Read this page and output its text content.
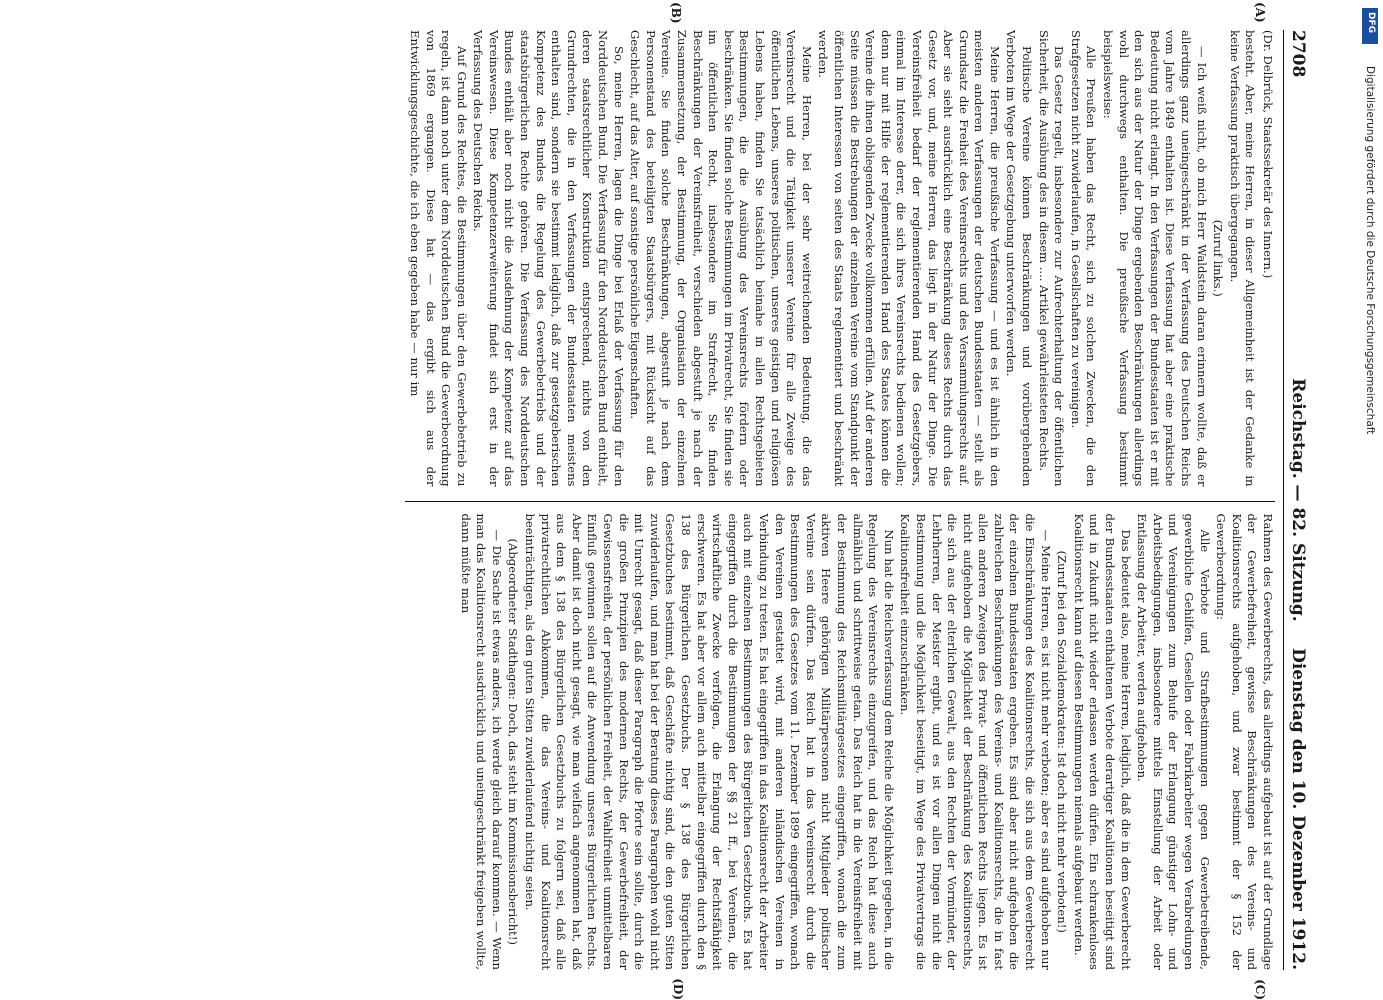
Digitalisierung gefördert durch die Deutsche Forschungsgemeinschaft
DFG
2708
Reichstag. — 82. Sitzung.
Dienstag den 10. Dezember 1912.
(A)
(B)

(Dr. Delbrück, Staatssekretär des Innern.)

besteht. Aber, meine Herren, in dieser Allgemeinheit ist der Gedanke in keine Verfassung praktisch übergegangen.

(Zuruf links.)

— Ich weiß nicht, ob mich Herr Waldstein daran erinnern wollte, daß er allerdings ganz uneingeschränkt in der Verfassung des Deutschen Reichs vom Jahre 1849 enthalten ist. Diese Verfassung hat aber eine praktische Bedeutung nicht erlangt. In den Verfassungen der Bundesstaaten ist er mit den sich aus der Natur der Dinge ergebenden Beschränkungen allerdings wohl durchwegs enthalten. Die preußische Verfassung bestimmt beispielsweise:

Alle Preußen haben das Recht, sich zu solchen Zwecken, die den Strafgesetzen nicht zuwiderlaufen, in Gesellschaften zu vereinigen.

Das Gesetz regelt, insbesondere zur Aufrechterhaltung der öffentlichen Sicherheit, die Ausübung des in diesem .... Artikel gewährleisteten Rechts.

Politische Vereine können Beschränkungen und vorübergehenden Verboten im Wege der Gesetzgebung unterworfen werden.

Meine Herren, die preußische Verfassung — und es ist ähnlich in den meisten anderen Verfassungen der deutschen Bundesstaaten — stellt als Grundsatz die Freiheit des Vereinsrechts und des Versammlungsrechts auf. Aber sie sieht ausdrücklich eine Beschränkung dieses Rechts durch das Gesetz vor, und, meine Herren, das liegt in der Natur der Dinge. Die Vereinsfreiheit bedarf der reglementierenden Hand des Gesetzgebers, einmal im Interesse derer, die sich ihres Vereinsrechts bedienen wollen; denn nur mit Hilfe der reglementierenden Hand des Staates können die Vereine die ihnen obliegenden Zwecke vollkommen erfüllen. Auf der anderen Seite müssen die Bestrebungen der einzelnen Vereine vom Standpunkt der öffentlichen Interessen von seiten des Staats reglementiert und beschränkt werden.

Meine Herren, bei der sehr weitreichenden Bedeutung, die das Vereinsrecht und die Tätigkeit unserer Vereine für alle Zweige des öffentlichen Lebens, unseres politischen, unseres geistigen und religiösen Lebens haben, finden Sie tatsächlich beinahe in allen Rechtsgebieten Bestimmungen, die die Ausübung des Vereinsrechts fördern oder beschränken. Sie finden solche Bestimmungen im Privatrecht, Sie finden sie im öffentlichen Recht, insbesondere im Strafrecht, Sie finden Beschränkungen der Vereinsfreiheit, verschieden abgestuft je nach der Zusammensetzung, der Bestimmung, der Organisation der einzelnen Vereine. Sie finden solche Beschränkungen, abgestuft je nach dem Personenstand des beteiligten Staatsbürgers, mit Rücksicht auf das Geschlecht, auf das Alter, auf sonstige persönliche Eigenschaften.

So, meine Herren, lagen die Dinge bei Erlaß der Verfassung für den Norddeutschen Bund. Die Verfassung für den Norddeutschen Bund enthielt, deren staatsrechtlicher Konstruktion entsprechend, nichts von den Grundrechten, die in den Verfassungen der Bundesstaaten meistens enthalten sind, sondern sie bestimmt lediglich, daß zur gesetzgeberischen Kompetenz des Bundes die Regelung des Gewerbebetriebs und der staatsbürgerlichen Rechte gehören. Die Verfassung des Norddeutschen Bundes enthält aber noch nicht die Ausdehnung der Kompetenz auf das Vereinswesen. Diese Kompetenzerweiterung findet sich erst in der Verfassung des Deutschen Reichs.

Auf Grund des Rechtes, die Bestimmungen über den Gewerbebetrieb zu regeln, ist dann noch unter dem Norddeutschen Bund die Gewerbeordnung von 1869 ergangen. Diese hat — das ergibt sich aus der Entwicklungsgeschichte, die ich eben gegeben habe — nur im

(C)
(D)

Rahmen des Gewerberechts, das allerdings aufgebaut ist auf der Grundlage der Gewerbefreiheit, gewisse Beschränkungen des Vereins- und Koalitionsrechts aufgehoben, und zwar bestimmt der § 152 der Gewerbeordnung:

Alle Verbote und Strafbestimmungen gegen Gewerbetreibende, gewerbliche Gehilfen, Gesellen oder Fabrikarbeiter wegen Verabredungen und Vereinigungen zum Behufe der Erlangung günstiger Lohn- und Arbeitsbedingungen, insbesondere mittels Einstellung der Arbeit oder Entlassung der Arbeiter, werden aufgehoben.

Das bedeutet also, meine Herren, lediglich, daß die in dem Gewerberecht der Bundesstaaten enthaltenen Verbote derartiger Koalitionen beseitigt sind und in Zukunft nicht wieder erlassen werden dürfen. Ein schrankenloses Koalitionsrecht kann auf diesen Bestimmungen niemals aufgebaut werden.

(Zuruf bei den Sozialdemokraten: Ist doch nicht mehr verboten!)

— Meine Herren, es ist nicht mehr verboten; aber es sind aufgehoben nur die Einschränkungen des Koalitionsrechts, die sich aus dem Gewerberecht der einzelnen Bundesstaaten ergeben. Es sind aber nicht aufgehoben die zahlreichen Beschränkungen des Vereins- und Koalitionsrechts, die in fast allen anderen Zweigen des Privat- und öffentlichen Rechts liegen. Es ist nicht aufgehoben die Möglichkeit der Beschränkung des Koalitionsrechts, die sich aus der elterlichen Gewalt, aus den Rechten der Vormünder, der Lehrherren, der Meister ergibt, und es ist vor allen Dingen nicht die Bestimmung und die Möglichkeit beseitigt, im Wege des Privatvertrags die Koalitionsfreiheit einzuschränken.

Nun hat die Reichsverfassung dem Reiche die Möglichkeit gegeben, in die Regelung des Vereinsrechts einzugreifen, und das Reich hat diese auch allmählich und schrittweise getan. Das Reich hat in die Vereinsfreiheit mit der Bestimmung des Reichsmilitärgesetzes eingegriffen, wonach die zum aktiven Heere gehörigen Militärpersonen nicht Mitglieder politischer Vereine sein dürfen. Das Reich hat in das Vereinsrecht durch die Bestimmungen des Gesetzes vom 11. Dezember 1899 eingegriffen, wonach den Vereinen gestattet wird, mit anderen inländischen Vereinen in Verbindung zu treten. Es hat eingegriffen in das Koalitionsrecht der Arbeiter auch mit einzelnen Bestimmungen des Bürgerlichen Gesetzbuchs. Es hat eingegriffen durch die Bestimmungen der §§ 21 ff., bei Vereinen, die wirtschaftliche Zwecke verfolgen, die Erlangung der Rechtsfähigkeit erschweren. Es hat aber vor allem auch mittelbar eingegriffen durch den § 138 des Bürgerlichen Gesetzbuchs. Der § 138 des Bürgerlichen Gesetzbuches bestimmt, daß Geschäfte nichtig sind, die den guten Sitten zuwiderlaufen, und man hat bei der Beratung dieses Paragraphen wohl nicht mit Unrecht gesagt, daß dieser Paragraph die Pforte sein sollte, durch die die großen Prinzipien des modernen Rechts, der Gewerbefreiheit, der Gewissensfreiheit, der persönlichen Freiheit, der Wahlfreiheit unmittelbaren Einfluß gewinnen sollen auf die Anwendung unseres Bürgerlichen Rechts. Aber damit ist doch nicht gesagt, wie man vielfach angenommen hat, daß aus dem § 138 des Bürgerlichen Gesetzbuchs zu folgern sei, daß alle privatrechtlichen Abkommen, die das Vereins- und Koalitionsrecht beeinträchtigen, als den guten Sitten zuwiderlaufend nichtig seien.

(Abgeordneter Stadthagen: Doch, das steht im Kommissionsbericht!)

— Die Sache ist etwas anders, ich werde gleich darauf kommen. — Wenn man das Koalitionsrecht ausdrücklich und uneingeschränkt freigeben wollte, dann müßte man
